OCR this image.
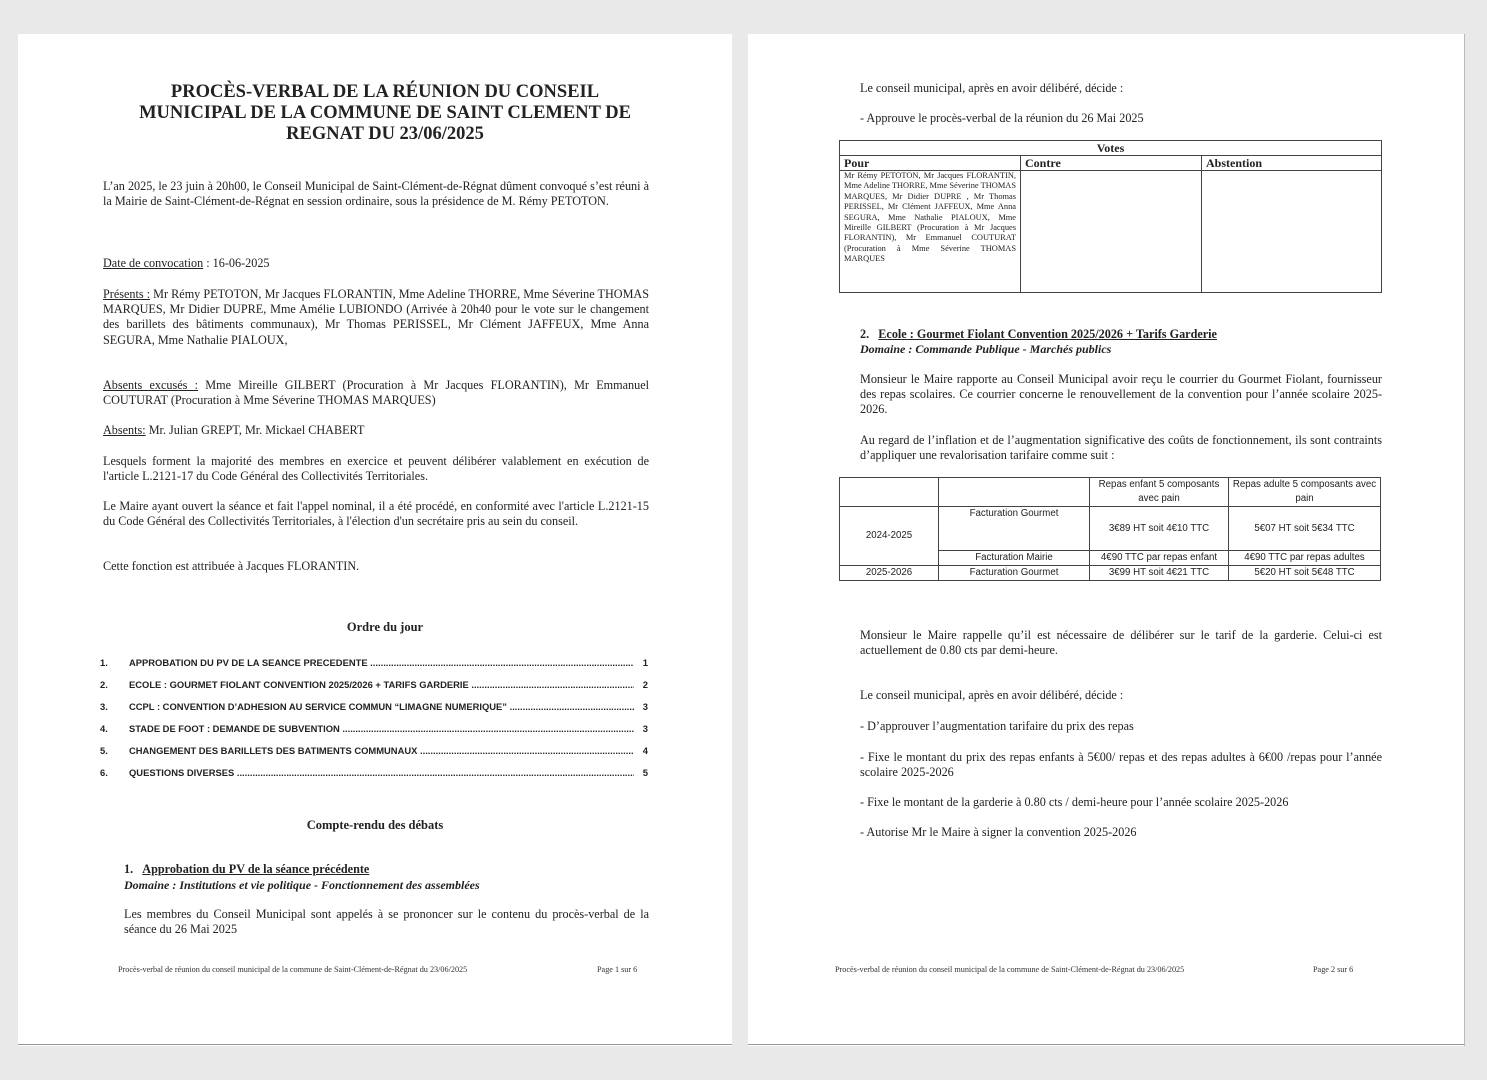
PROCÈS-VERBAL DE LA RÉUNION DU CONSEIL
MUNICIPAL DE LA COMMUNE DE SAINT CLEMENT DE
REGNAT DU 23/06/2025
L’an 2025, le 23 juin à 20h00, le Conseil Municipal de Saint-Clément-de-Régnat dûment convoqué s’est réuni à la Mairie de Saint-Clément-de-Régnat en session ordinaire, sous la présidence de M. Rémy PETOTON.
Date de convocation : 16-06-2025
Présents : Mr Rémy PETOTON, Mr Jacques FLORANTIN, Mme Adeline THORRE, Mme Séverine THOMAS MARQUES, Mr Didier DUPRE, Mme Amélie LUBIONDO (Arrivée à 20h40 pour le vote sur le changement des barillets des bâtiments communaux), Mr Thomas PERISSEL, Mr Clément JAFFEUX, Mme Anna SEGURA, Mme Nathalie PIALOUX,
Absents excusés : Mme Mireille GILBERT (Procuration à Mr Jacques FLORANTIN), Mr Emmanuel COUTURAT (Procuration à Mme Séverine THOMAS MARQUES)
Absents: Mr. Julian GREPT, Mr. Mickael CHABERT
Lesquels forment la majorité des membres en exercice et peuvent délibérer valablement en exécution de l'article L.2121-17 du Code Général des Collectivités Territoriales.
Le Maire ayant ouvert la séance et fait l'appel nominal, il a été procédé, en conformité avec l'article L.2121-15 du Code Général des Collectivités Territoriales, à l'élection d'un secrétaire pris au sein du conseil.
Cette fonction est attribuée à Jacques FLORANTIN.
Ordre du jour
1. APPROBATION DU PV DE LA SEANCE PRECEDENTE .....	1
2. ECOLE : GOURMET FIOLANT CONVENTION 2025/2026 + TARIFS GARDERIE .....	2
3. CCPL : CONVENTION D’ADHESION AU SERVICE COMMUN “LIMAGNE NUMERIQUE” .....	3
4. STADE DE FOOT : DEMANDE DE SUBVENTION .....	3
5. CHANGEMENT DES BARILLETS DES BATIMENTS COMMUNAUX .....	4
6. QUESTIONS DIVERSES .....	5
Compte-rendu des débats
1. Approbation du PV de la séance précédente
Domaine : Institutions et vie politique - Fonctionnement des assemblées
Les membres du Conseil Municipal sont appelés à se prononcer sur le contenu du procès-verbal de la séance du 26 Mai 2025
Procès-verbal de réunion du conseil municipal de la commune de Saint-Clément-de-Régnat du 23/06/2025	Page 1 sur 6
Le conseil municipal, après en avoir délibéré, décide :
- Approuve le procès-verbal de la réunion du 26 Mai 2025
Votes		
Pour	Contre	Abstention
Mr Rémy PETOTON, Mr Jacques FLORANTIN, Mme Adeline THORRE, Mme Séverine THOMAS MARQUES, Mr Didier DUPRE , Mr Thomas PERISSEL, Mr Clément JAFFEUX, Mme Anna SEGURA, Mme Nathalie PIALOUX, Mme Mireille GILBERT (Procuration à Mr Jacques FLORANTIN), Mr Emmanuel COUTURAT (Procuration à Mme Séverine THOMAS MARQUES		
2. Ecole : Gourmet Fiolant Convention 2025/2026 + Tarifs Garderie
Domaine : Commande Publique - Marchés publics
Monsieur le Maire rapporte au Conseil Municipal avoir reçu le courrier du Gourmet Fiolant, fournisseur des repas scolaires. Ce courrier concerne le renouvellement de la convention pour l’année scolaire 2025-2026.
Au regard de l’inflation et de l’augmentation significative des coûts de fonctionnement, ils sont contraints d’appliquer une revalorisation tarifaire comme suit :
		Repas enfant 5 composants avec pain	Repas adulte 5 composants avec pain
2024-2025	Facturation Gourmet	3€89 HT soit 4€10 TTC	5€07 HT soit 5€34 TTC
	Facturation Mairie	4€90 TTC par repas enfant	4€90 TTC par repas adultes
2025-2026	Facturation Gourmet	3€99 HT soit 4€21 TTC	5€20 HT soit 5€48 TTC
Monsieur le Maire rappelle qu’il est nécessaire de délibérer sur le tarif de la garderie. Celui-ci est actuellement de 0.80 cts par demi-heure.
Le conseil municipal, après en avoir délibéré, décide :
- D’approuver l’augmentation tarifaire du prix des repas
- Fixe le montant du prix des repas enfants à 5€00/ repas et des repas adultes à 6€00 /repas pour l’année scolaire 2025-2026
- Fixe le montant de la garderie à 0.80 cts / demi-heure pour l’année scolaire 2025-2026
- Autorise Mr le Maire à signer la convention 2025-2026
Procès-verbal de réunion du conseil municipal de la commune de Saint-Clément-de-Régnat du 23/06/2025	Page 2 sur 6
